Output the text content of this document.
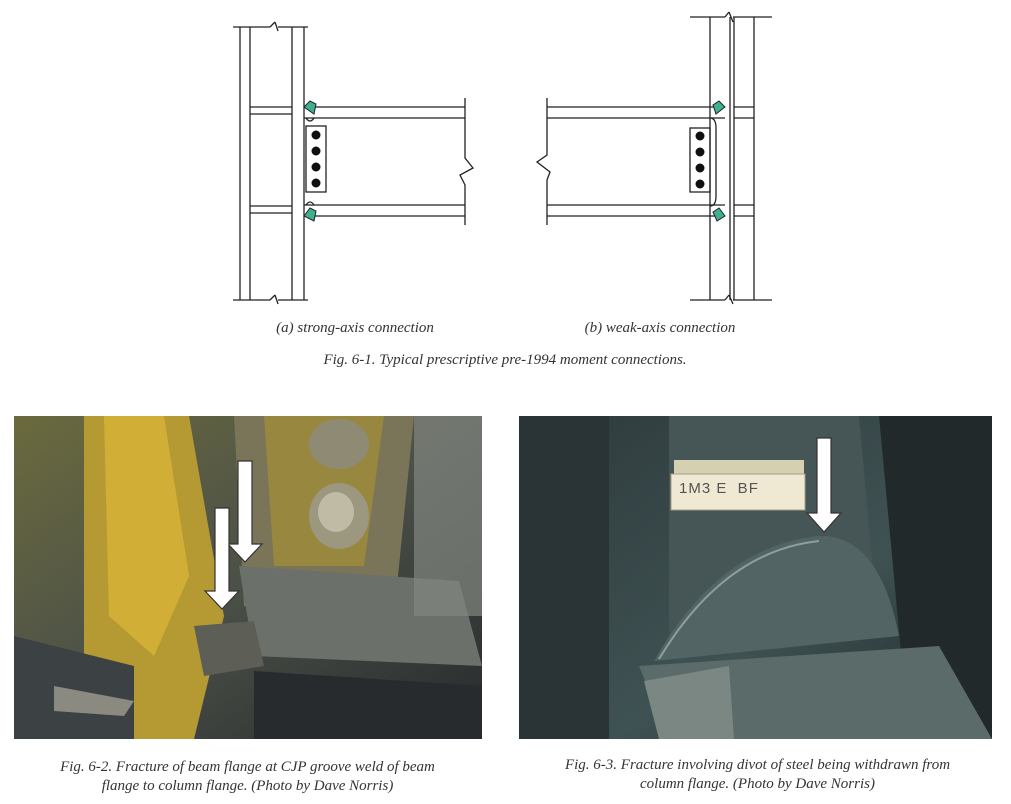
(a) strong-axis connection	(b) weak-axis connection
Fig. 6-1. Typical prescriptive pre-1994 moment connections.
1M3 E  BF
Fig. 6-2. Fracture of beam flange at CJP groove weld of beam
flange to column flange. (Photo by Dave Norris)
Fig. 6-3. Fracture involving divot of steel being withdrawn from
column flange. (Photo by Dave Norris)
